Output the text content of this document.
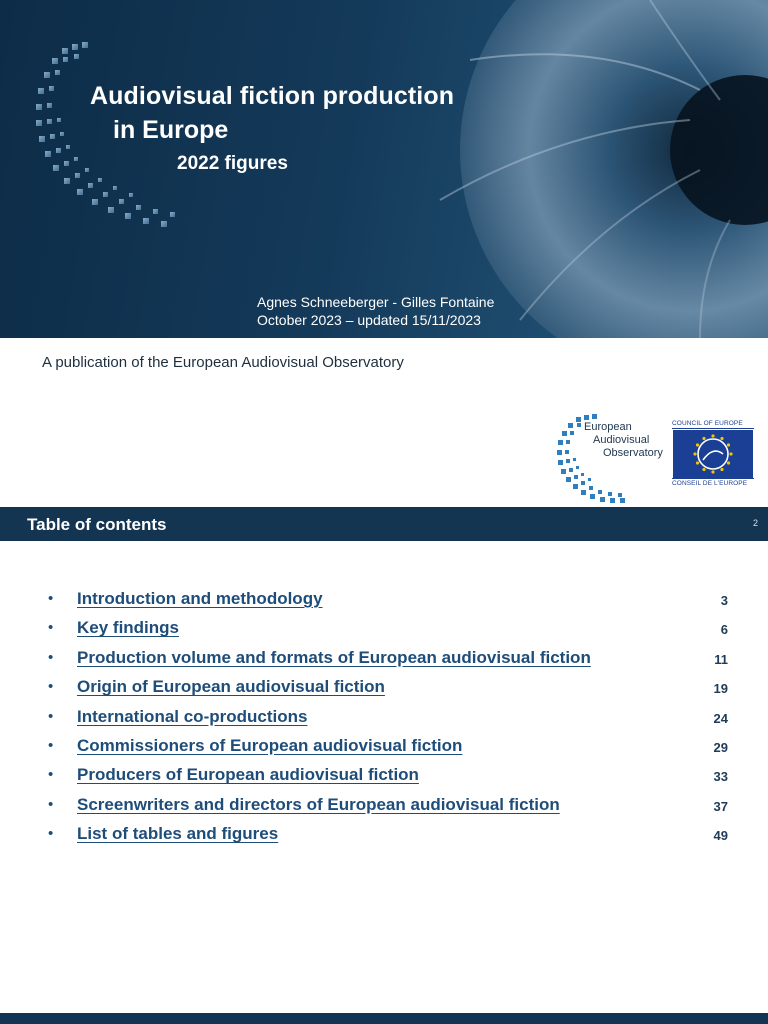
Audiovisual fiction production
in Europe
2022 figures
Agnes Schneeberger - Gilles Fontaine
October 2023 – updated 15/11/2023
A publication of the European Audiovisual Observatory
European
Audiovisual
Observatory
COUNCIL OF EUROPE
CONSEIL DE L'EUROPE
Table of contents	2
• Introduction and methodology	3
• Key findings	6
• Production volume and formats of European audiovisual fiction	11
• Origin of European audiovisual fiction	19
• International co-productions	24
• Commissioners of European audiovisual fiction	29
• Producers of European audiovisual fiction	33
• Screenwriters and directors of European audiovisual fiction	37
• List of tables and figures	49
